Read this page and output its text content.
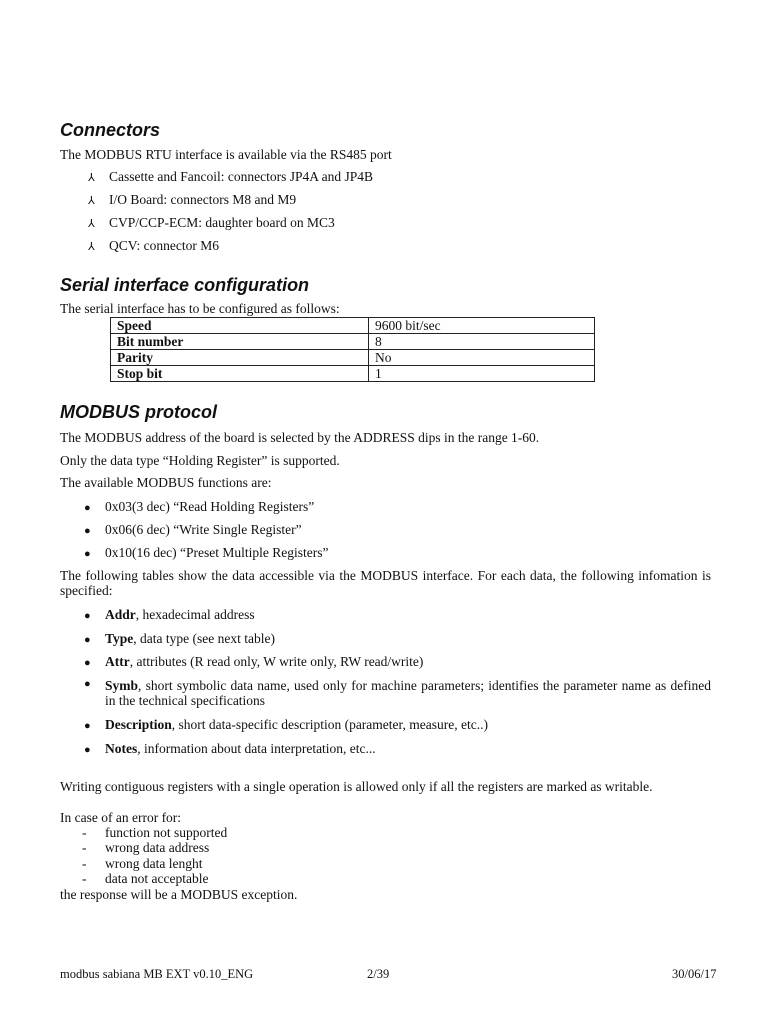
Connectors

The MODBUS RTU interface is available via the RS485 port

⅄ Cassette and Fancoil: connectors JP4A and JP4B
⅄ I/O Board: connectors M8 and M9
⅄ CVP/CCP-ECM: daughter board on MC3
⅄ QCV: connector M6
Serial interface configuration

The serial interface has to be configured as follows:

Speed	9600 bit/sec
Bit number	8
Parity	No
Stop bit	1
MODBUS protocol

The MODBUS address of the board is selected by the ADDRESS dips in the range 1-60.

Only the data type “Holding Register” is supported.

The available MODBUS functions are:

● 0x03(3 dec) “Read Holding Registers”
● 0x06(6 dec) “Write Single Register”
● 0x10(16 dec) “Preset Multiple Registers”

The following tables show the data accessible via the MODBUS interface. For each data, the following infomation is specified:

● Addr, hexadecimal address
● Type, data type (see next table)
● Attr, attributes (R read only, W write only, RW read/write)
● Symb, short symbolic data name, used only for machine parameters; identifies the parameter name as defined in the technical specifications
● Description, short data-specific description (parameter, measure, etc..)
● Notes, information about data interpretation, etc...

Writing contiguous registers with a single operation is allowed only if all the registers are marked as writable.

In case of an error for:

- function not supported
- wrong data address
- wrong data lenght
- data not acceptable

the response will be a MODBUS exception.

modbus sabiana MB EXT v0.10_ENG	2/39	30/06/17
